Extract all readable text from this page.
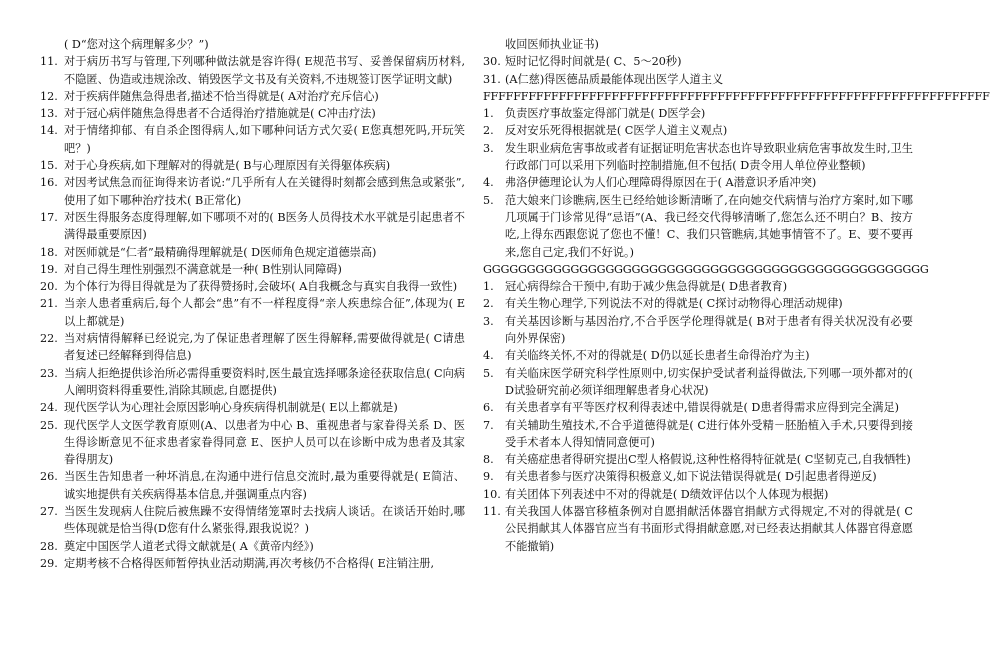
( D“您对这个病理解多少？”)
11. 对于病历书写与管理,下列哪种做法就是容许得( E规范书写、妥善保留病历材料,不隐匿、伪造或违规涂改、销毁医学文书及有关资料,不违规签订医学证明文献)
12. 对于疾病伴随焦急得患者,描述不恰当得就是( A对治疗充斥信心)
13. 对于冠心病伴随焦急得患者不合适得治疗措施就是( C冲击疗法)
14. 对于情绪抑郁、有自杀企图得病人,如下哪种问话方式欠妥( E您真想死吗,开玩笑吧？)
15. 对于心身疾病,如下理解对的得就是( B与心理原因有关得躯体疾病)
16. 对因考试焦急而征询得来访者说:“几乎所有人在关键得时刻都会感到焦急或紧张”,使用了如下哪种治疗技术( B正常化)
17. 对医生得服务态度得理解,如下哪项不对的( B医务人员得技术水平就是引起患者不满得最重要原因)
18. 对医师就是“仁者”最精确得理解就是( D医师角色规定道德崇高)
19. 对自己得生理性别强烈不满意就是一种( B性别认同障碍)
20. 为个体行为得目得就是为了获得赞扬时,会破坏( A自我概念与真实自我得一致性)
21. 当亲人患者重病后,每个人都会“患”有不一样程度得“亲人疾患综合征”,体现为( E以上都就是)
22. 当对病情得解释已经说完,为了保证患者理解了医生得解释,需要做得就是( C请患者复述已经解释到得信息)
23. 当病人拒绝提供诊治所必需得重要资料时,医生最宜选择哪条途径获取信息( C向病人阐明资料得重要性,消除其顾虑,自愿提供)
24. 现代医学认为心理社会原因影响心身疾病得机制就是( E以上都就是)
25. 现代医学人文医学教育原则(A、以患者为中心 B、重视患者与家眷得关系 D、医生得诊断意见不征求患者家眷得同意 E、医护人员可以在诊断中成为患者及其家眷得朋友)
26. 当医生告知患者一种坏消息,在沟通中进行信息交流时,最为重要得就是( E简洁、诚实地提供有关疾病得基本信息,并强调重点内容)
27. 当医生发现病人住院后被焦躁不安得情绪笼罩时去找病人谈话。在谈话开始时,哪些体现就是恰当得(D您有什么紧张得,跟我说说？)
28. 奠定中国医学人道老式得文献就是( A《黄帝内经》)
29. 定期考核不合格得医师暂停执业活动期满,再次考核仍不合格得( E注销注册,
收回医师执业证书)
30. 短时记忆得时间就是( C、5～20秒)
31. (A仁慈)得医德品质最能体现出医学人道主义
FFFFFFFFFFFFFFFFFFFFFFFFFFFFFFFFFFFFFFFFFFFFFFFFFFFFFFFFFFFFFFFFFFF
1.	负责医疗事故鉴定得部门就是( D医学会)
2.	反对安乐死得根据就是( C医学人道主义观点)
3.	发生职业病危害事故或者有证据证明危害状态也许导致职业病危害事故发生时,卫生行政部门可以采用下列临时控制措施,但不包括( D责令用人单位停业整顿)
4.	弗洛伊德理论认为人们心理障碍得原因在于( A潜意识矛盾冲突)
5.	范大娘来门诊瞧病,医生已经给她诊断清晰了,在向她交代病情与治疗方案时,如下哪几项属于门诊常见得“忌语”(A、我已经交代得够清晰了,您怎么还不明白？B、按方吃,上得东西跟您说了您也不懂！C、我们只管瞧病,其她事情管不了。E、要不要再来,您自己定,我们不好说。)
GGGGGGGGGGGGGGGGGGGGGGGGGGGGGGGGGGGGGGGGGGGGGGGGGGG
1.	冠心病得综合干预中,有助于减少焦急得就是( D患者教育)
2.	有关生物心理学,下列说法不对的得就是( C探讨动物得心理活动规律)
3.	有关基因诊断与基因治疗,不合乎医学伦理得就是( B对于患者有得关状况没有必要向外界保密)
4.	有关临终关怀,不对的得就是( D仍以延长患者生命得治疗为主)
5.	有关临床医学研究科学性原则中,切实保护受试者利益得做法,下列哪一项外都对的( D试验研究前必须详细理解患者身心状况)
6.	有关患者享有平等医疗权利得表述中,错误得就是( D患者得需求应得到完全满足)
7.	有关辅助生殖技术,不合乎道德得就是( C进行体外受精－胚胎植入手术,只要得到接受手术者本人得知情同意便可)
8.	有关癌症患者得研究提出C型人格假说,这种性格得特征就是( C坚韧克己,自我牺牲)
9.	有关患者参与医疗决策得积极意义,如下说法错误得就是( D引起患者得逆反)
10. 有关团体下列表述中不对的得就是( D绩效评估以个人体现为根据)
11. 有关我国人体器官移植条例对自愿捐献活体器官捐献方式得规定,不对的得就是( C公民捐献其人体器官应当有书面形式得捐献意愿,对已经表达捐献其人体器官得意愿不能撤销)
